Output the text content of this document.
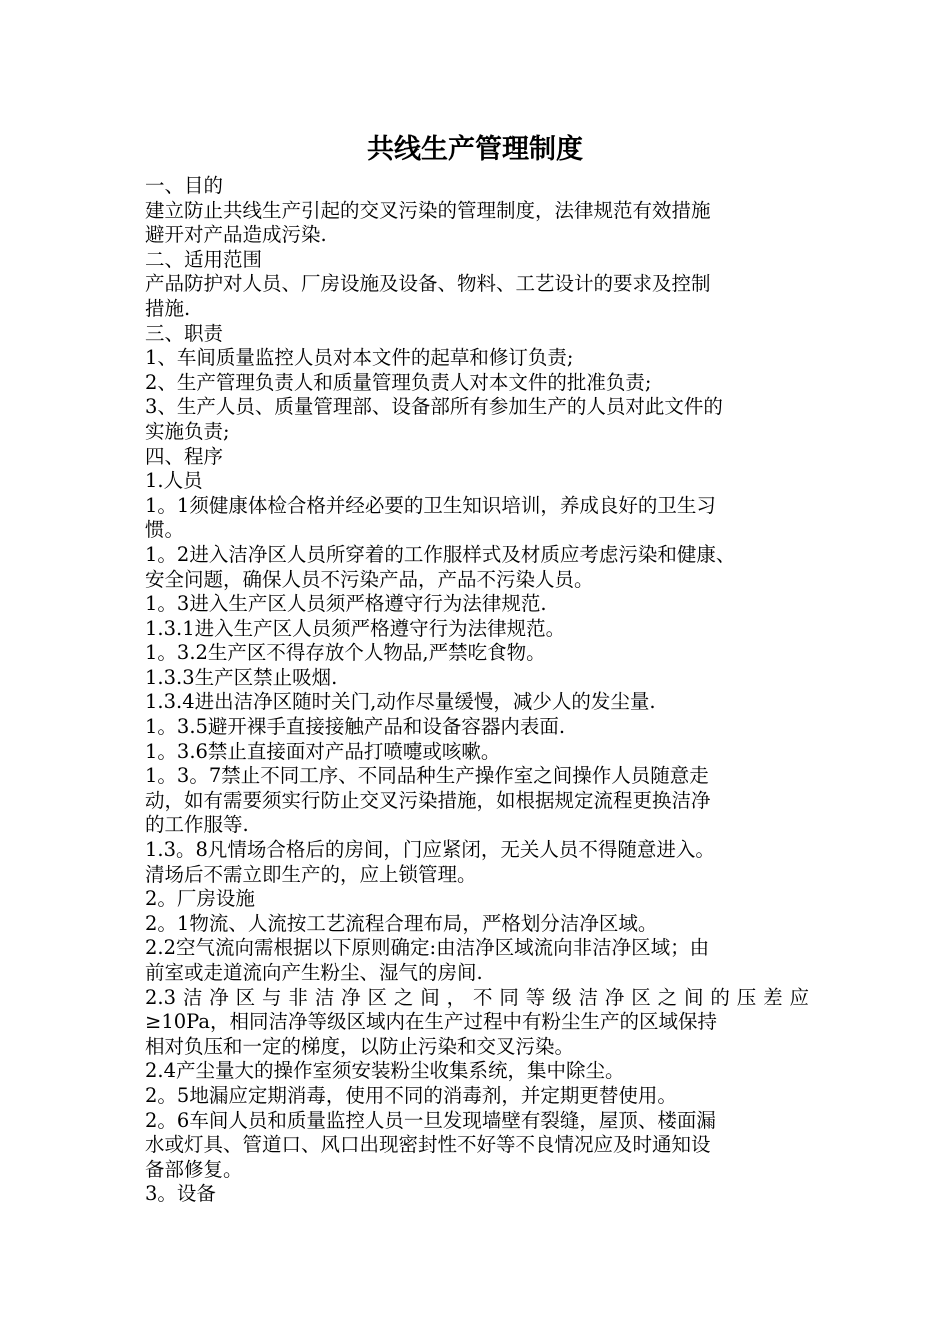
共线生产管理制度
一、目的
建立防止共线生产引起的交叉污染的管理制度，法律规范有效措施
避开对产品造成污染.
二、适用范围
产品防护对人员、厂房设施及设备、物料、工艺设计的要求及控制
措施.
三、职责
1、车间质量监控人员对本文件的起草和修订负责;
2、生产管理负责人和质量管理负责人对本文件的批准负责;
3、生产人员、质量管理部、设备部所有参加生产的人员对此文件的
实施负责;
四、程序
1.人员
1。1须健康体检合格并经必要的卫生知识培训，养成良好的卫生习
惯。
1。2进入洁净区人员所穿着的工作服样式及材质应考虑污染和健康、
安全问题，确保人员不污染产品，产品不污染人员。
1。3进入生产区人员须严格遵守行为法律规范.
1.3.1进入生产区人员须严格遵守行为法律规范。
1。3.2生产区不得存放个人物品,严禁吃食物。
1.3.3生产区禁止吸烟.
1.3.4进出洁净区随时关门,动作尽量缓慢，减少人的发尘量.
1。3.5避开裸手直接接触产品和设备容器内表面.
1。3.6禁止直接面对产品打喷嚏或咳嗽。
1。3。7禁止不同工序、不同品种生产操作室之间操作人员随意走
动，如有需要须实行防止交叉污染措施，如根据规定流程更换洁净
的工作服等.
1.3。8凡情场合格后的房间，门应紧闭，无关人员不得随意进入。
清场后不需立即生产的，应上锁管理。
2。厂房设施
2。1物流、人流按工艺流程合理布局，严格划分洁净区域。
2.2空气流向需根据以下原则确定:由洁净区域流向非洁净区域；由
前室或走道流向产生粉尘、湿气的房间.
2.3洁净区与非洁净区之间，不同等级洁净区之间的压差应
≥10Pa，相同洁净等级区域内在生产过程中有粉尘生产的区域保持
相对负压和一定的梯度，以防止污染和交叉污染。
2.4产尘量大的操作室须安装粉尘收集系统，集中除尘。
2。5地漏应定期消毒，使用不同的消毒剂，并定期更替使用。
2。6车间人员和质量监控人员一旦发现墙壁有裂缝，屋顶、楼面漏
水或灯具、管道口、风口出现密封性不好等不良情况应及时通知设
备部修复。
3。设备
